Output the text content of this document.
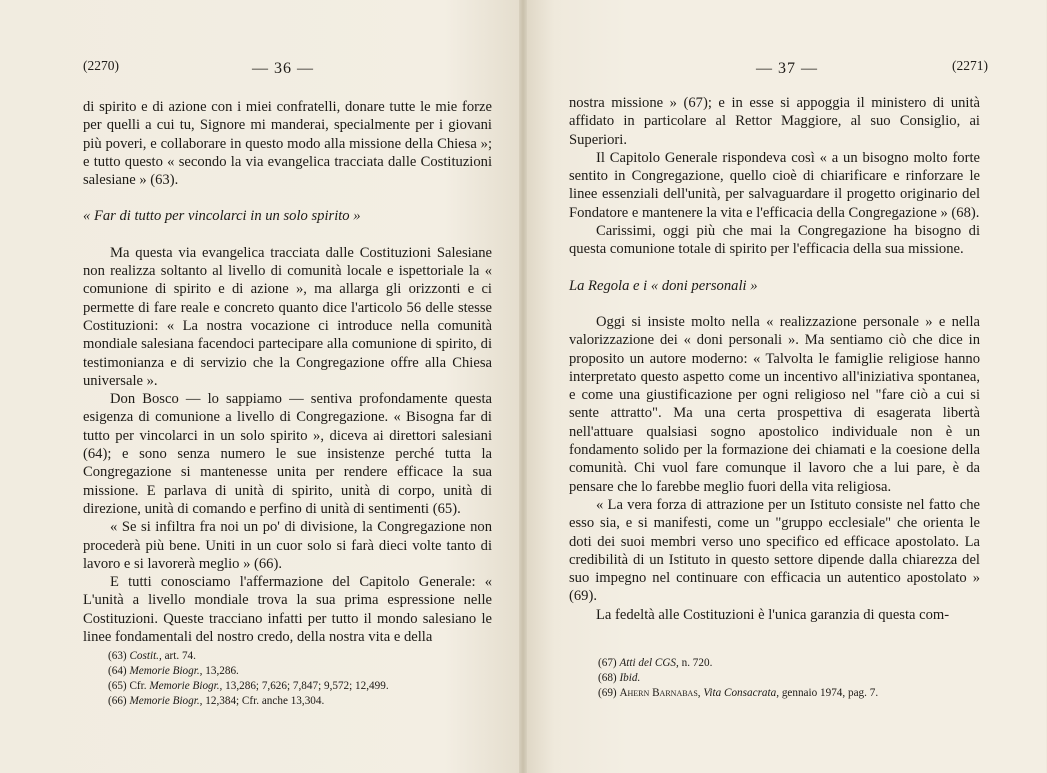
(2270)	— 36 —

di spirito e di azione con i miei confratelli, donare tutte le mie forze per quelli a cui tu, Signore mi manderai, specialmente per i giovani più poveri, e collaborare in questo modo alla missione della Chiesa »; e tutto questo « secondo la via evangelica tracciata dalle Costituzioni salesiane » (63).

« Far di tutto per vincolarci in un solo spirito »

Ma questa via evangelica tracciata dalle Costituzioni Salesiane non realizza soltanto al livello di comunità locale e ispettoriale la « comunione di spirito e di azione », ma allarga gli orizzonti e ci permette di fare reale e concreto quanto dice l'articolo 56 delle stesse Costituzioni: « La nostra vocazione ci introduce nella comunità mondiale salesiana facendoci partecipare alla comunione di spirito, di testimonianza e di servizio che la Congregazione offre alla Chiesa universale ».

Don Bosco — lo sappiamo — sentiva profondamente questa esigenza di comunione a livello di Congregazione. « Bisogna far di tutto per vincolarci in un solo spirito », diceva ai direttori salesiani (64); e sono senza numero le sue insistenze perché tutta la Congregazione si mantenesse unita per rendere efficace la sua missione. E parlava di unità di spirito, unità di corpo, unità di direzione, unità di comando e perfino di unità di sentimenti (65).

« Se si infiltra fra noi un po' di divisione, la Congregazione non procederà più bene. Uniti in un cuor solo si farà dieci volte tanto di lavoro e si lavorerà meglio » (66).

E tutti conosciamo l'affermazione del Capitolo Generale: « L'unità a livello mondiale trova la sua prima espressione nelle Costituzioni. Queste tracciano infatti per tutto il mondo salesiano le linee fondamentali del nostro credo, della nostra vita e della

(63) Costit., art. 74.
(64) Memorie Biogr., 13,286.
(65) Cfr. Memorie Biogr., 13,286; 7,626; 7,847; 9,572; 12,499.
(66) Memorie Biogr., 12,384; Cfr. anche 13,304.
— 37 —	(2271)

nostra missione » (67); e in esse si appoggia il ministero di unità affidato in particolare al Rettor Maggiore, al suo Consiglio, ai Superiori.

Il Capitolo Generale rispondeva così « a un bisogno molto forte sentito in Congregazione, quello cioè di chiarificare e rinforzare le linee essenziali dell'unità, per salvaguardare il progetto originario del Fondatore e mantenere la vita e l'efficacia della Congregazione » (68).

Carissimi, oggi più che mai la Congregazione ha bisogno di questa comunione totale di spirito per l'efficacia della sua missione.

La Regola e i « doni personali »

Oggi si insiste molto nella « realizzazione personale » e nella valorizzazione dei « doni personali ». Ma sentiamo ciò che dice in proposito un autore moderno: « Talvolta le famiglie religiose hanno interpretato questo aspetto come un incentivo all'iniziativa spontanea, e come una giustificazione per ogni religioso nel "fare ciò a cui si sente attratto". Ma una certa prospettiva di esagerata libertà nell'attuare qualsiasi sogno apostolico individuale non è un fondamento solido per la formazione dei chiamati e la coesione della comunità. Chi vuol fare comunque il lavoro che a lui pare, è da pensare che lo farebbe meglio fuori della vita religiosa.

« La vera forza di attrazione per un Istituto consiste nel fatto che esso sia, e si manifesti, come un "gruppo ecclesiale" che orienta le doti dei suoi membri verso uno specifico ed efficace apostolato. La credibilità di un Istituto in questo settore dipende dalla chiarezza del suo impegno nel continuare con efficacia un autentico apostolato » (69).

La fedeltà alle Costituzioni è l'unica garanzia di questa com-

(67) Atti del CGS, n. 720.
(68) Ibid.
(69) Ahern Barnabas, Vita Consacrata, gennaio 1974, pag. 7.
